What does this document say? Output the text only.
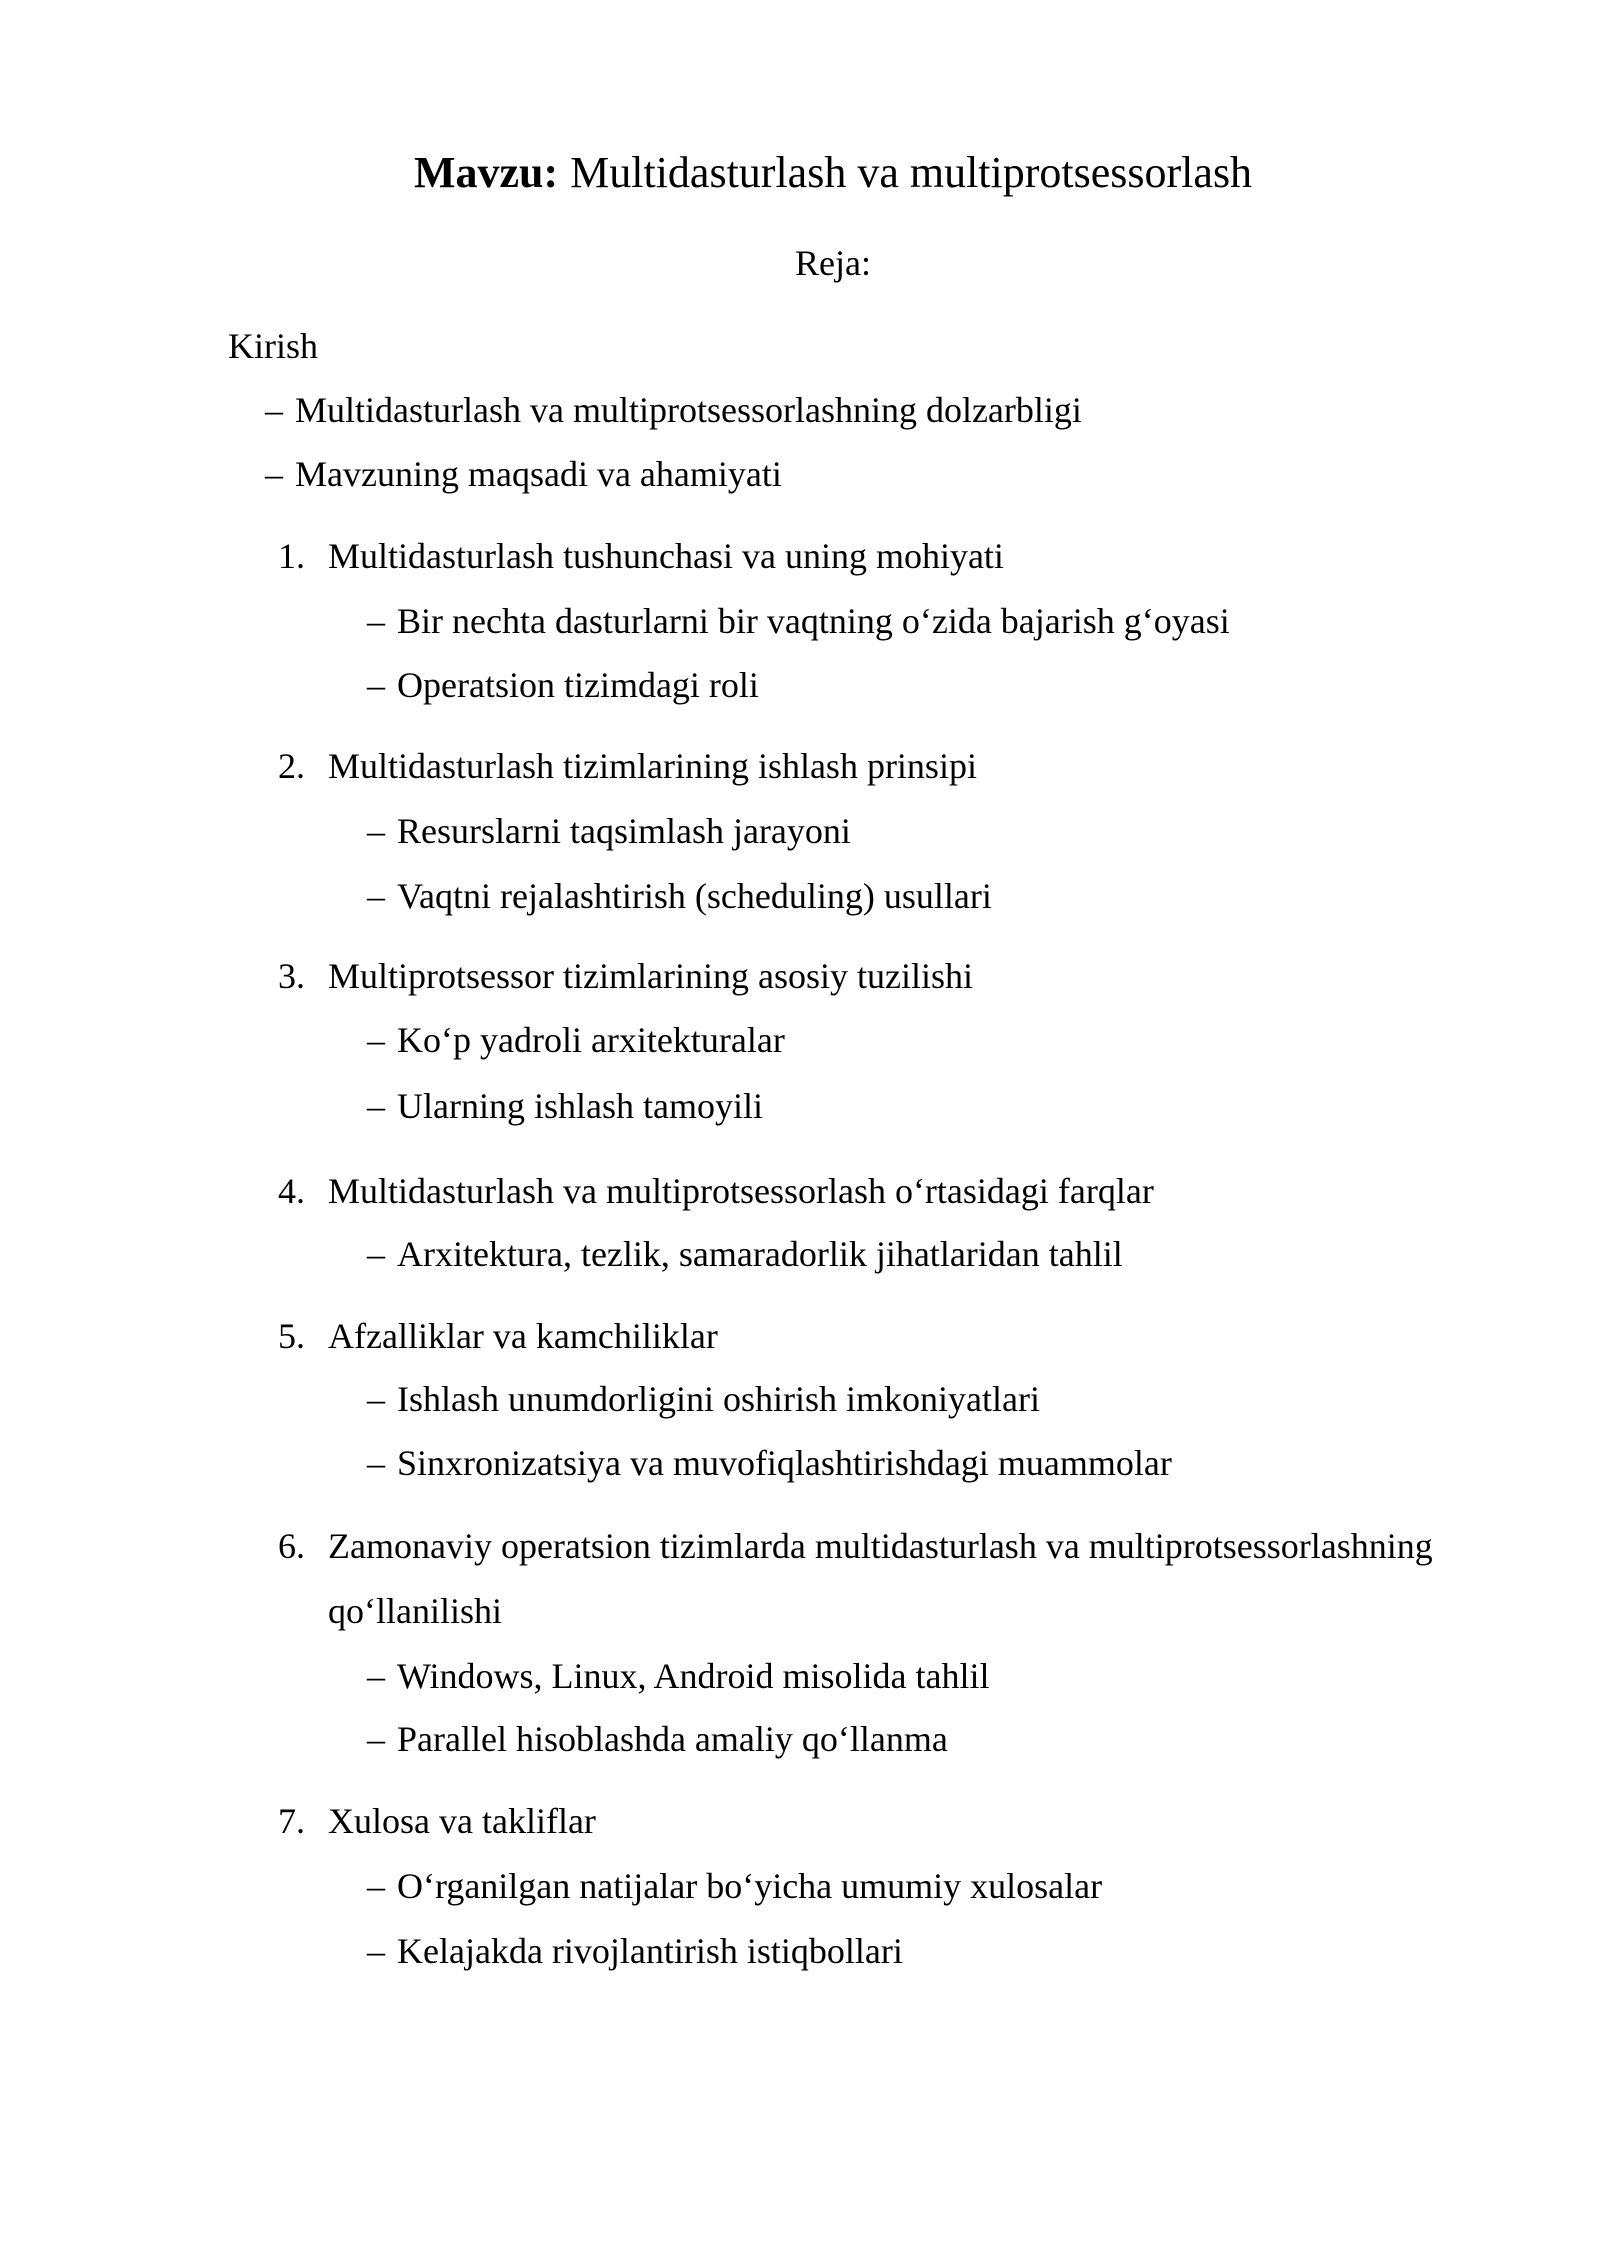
Mavzu: Multidasturlash va multiprotsessorlash
Reja:
Kirish
– Multidasturlash va multiprotsessorlashning dolzarbligi
– Mavzuning maqsadi va ahamiyati
1. Multidasturlash tushunchasi va uning mohiyati
– Bir nechta dasturlarni bir vaqtning o‘zida bajarish g‘oyasi
– Operatsion tizimdagi roli
2. Multidasturlash tizimlarining ishlash prinsipi
– Resurslarni taqsimlash jarayoni
– Vaqtni rejalashtirish (scheduling) usullari
3. Multiprotsessor tizimlarining asosiy tuzilishi
– Ko‘p yadroli arxitekturalar
– Ularning ishlash tamoyili
4. Multidasturlash va multiprotsessorlash o‘rtasidagi farqlar
– Arxitektura, tezlik, samaradorlik jihatlaridan tahlil
5. Afzalliklar va kamchiliklar
– Ishlash unumdorligini oshirish imkoniyatlari
– Sinxronizatsiya va muvofiqlashtirishdagi muammolar
6. Zamonaviy operatsion tizimlarda multidasturlash va multiprotsessorlashning
qo‘llanilishi
– Windows, Linux, Android misolida tahlil
– Parallel hisoblashda amaliy qo‘llanma
7. Xulosa va takliflar
– O‘rganilgan natijalar bo‘yicha umumiy xulosalar
– Kelajakda rivojlantirish istiqbollari
